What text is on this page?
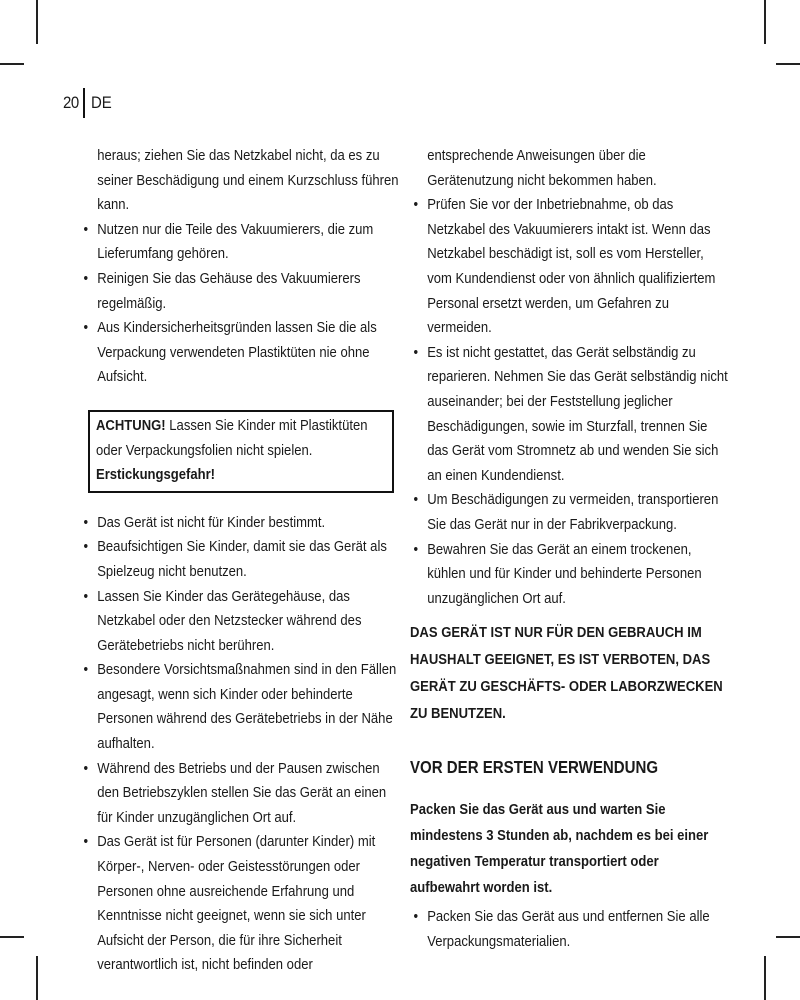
20 DE
heraus; ziehen Sie das Netzkabel nicht, da es zu seiner Beschädigung und einem Kurzschluss führen kann.
• Nutzen nur die Teile des Vakuumierers, die zum Lieferumfang gehören.
• Reinigen Sie das Gehäuse des Vakuumierers regelmäßig.
• Aus Kindersicherheitsgründen lassen Sie die als Verpackung verwendeten Plastiktüten nie ohne Aufsicht.
ACHTUNG! Lassen Sie Kinder mit Plastiktüten oder Verpackungsfolien nicht spielen. Erstickungsgefahr!
• Das Gerät ist nicht für Kinder bestimmt.
• Beaufsichtigen Sie Kinder, damit sie das Gerät als Spielzeug nicht benutzen.
• Lassen Sie Kinder das Gerätegehäuse, das Netzkabel oder den Netzstecker während des Gerätebetriebs nicht berühren.
• Besondere Vorsichtsmaßnahmen sind in den Fällen angesagt, wenn sich Kinder oder behinderte Personen während des Gerätebetriebs in der Nähe aufhalten.
• Während des Betriebs und der Pausen zwischen den Betriebszyklen stellen Sie das Gerät an einen für Kinder unzugänglichen Ort auf.
• Das Gerät ist für Personen (darunter Kinder) mit Körper-, Nerven- oder Geistesstörungen oder Personen ohne ausreichende Erfahrung und Kenntnisse nicht geeignet, wenn sie sich unter Aufsicht der Person, die für ihre Sicherheit verantwortlich ist, nicht befinden oder
entsprechende Anweisungen über die Gerätenutzung nicht bekommen haben.
• Prüfen Sie vor der Inbetriebnahme, ob das Netzkabel des Vakuumierers intakt ist. Wenn das Netzkabel beschädigt ist, soll es vom Hersteller, vom Kundendienst oder von ähnlich qualifiziertem Personal ersetzt werden, um Gefahren zu vermeiden.
• Es ist nicht gestattet, das Gerät selbständig zu reparieren. Nehmen Sie das Gerät selbständig nicht auseinander; bei der Feststellung jeglicher Beschädigungen, sowie im Sturzfall, trennen Sie das Gerät vom Stromnetz ab und wenden Sie sich an einen Kundendienst.
• Um Beschädigungen zu vermeiden, transportieren Sie das Gerät nur in der Fabrikverpackung.
• Bewahren Sie das Gerät an einem trockenen, kühlen und für Kinder und behinderte Personen unzugänglichen Ort auf.
DAS GERÄT IST NUR FÜR DEN GEBRAUCH IM HAUSHALT GEEIGNET, ES IST VERBOTEN, DAS GERÄT ZU GESCHÄFTS- ODER LABORZWECKEN ZU BENUTZEN.
VOR DER ERSTEN VERWENDUNG
Packen Sie das Gerät aus und warten Sie mindestens 3 Stunden ab, nachdem es bei einer negativen Temperatur transportiert oder aufbewahrt worden ist.
• Packen Sie das Gerät aus und entfernen Sie alle Verpackungsmaterialien.
